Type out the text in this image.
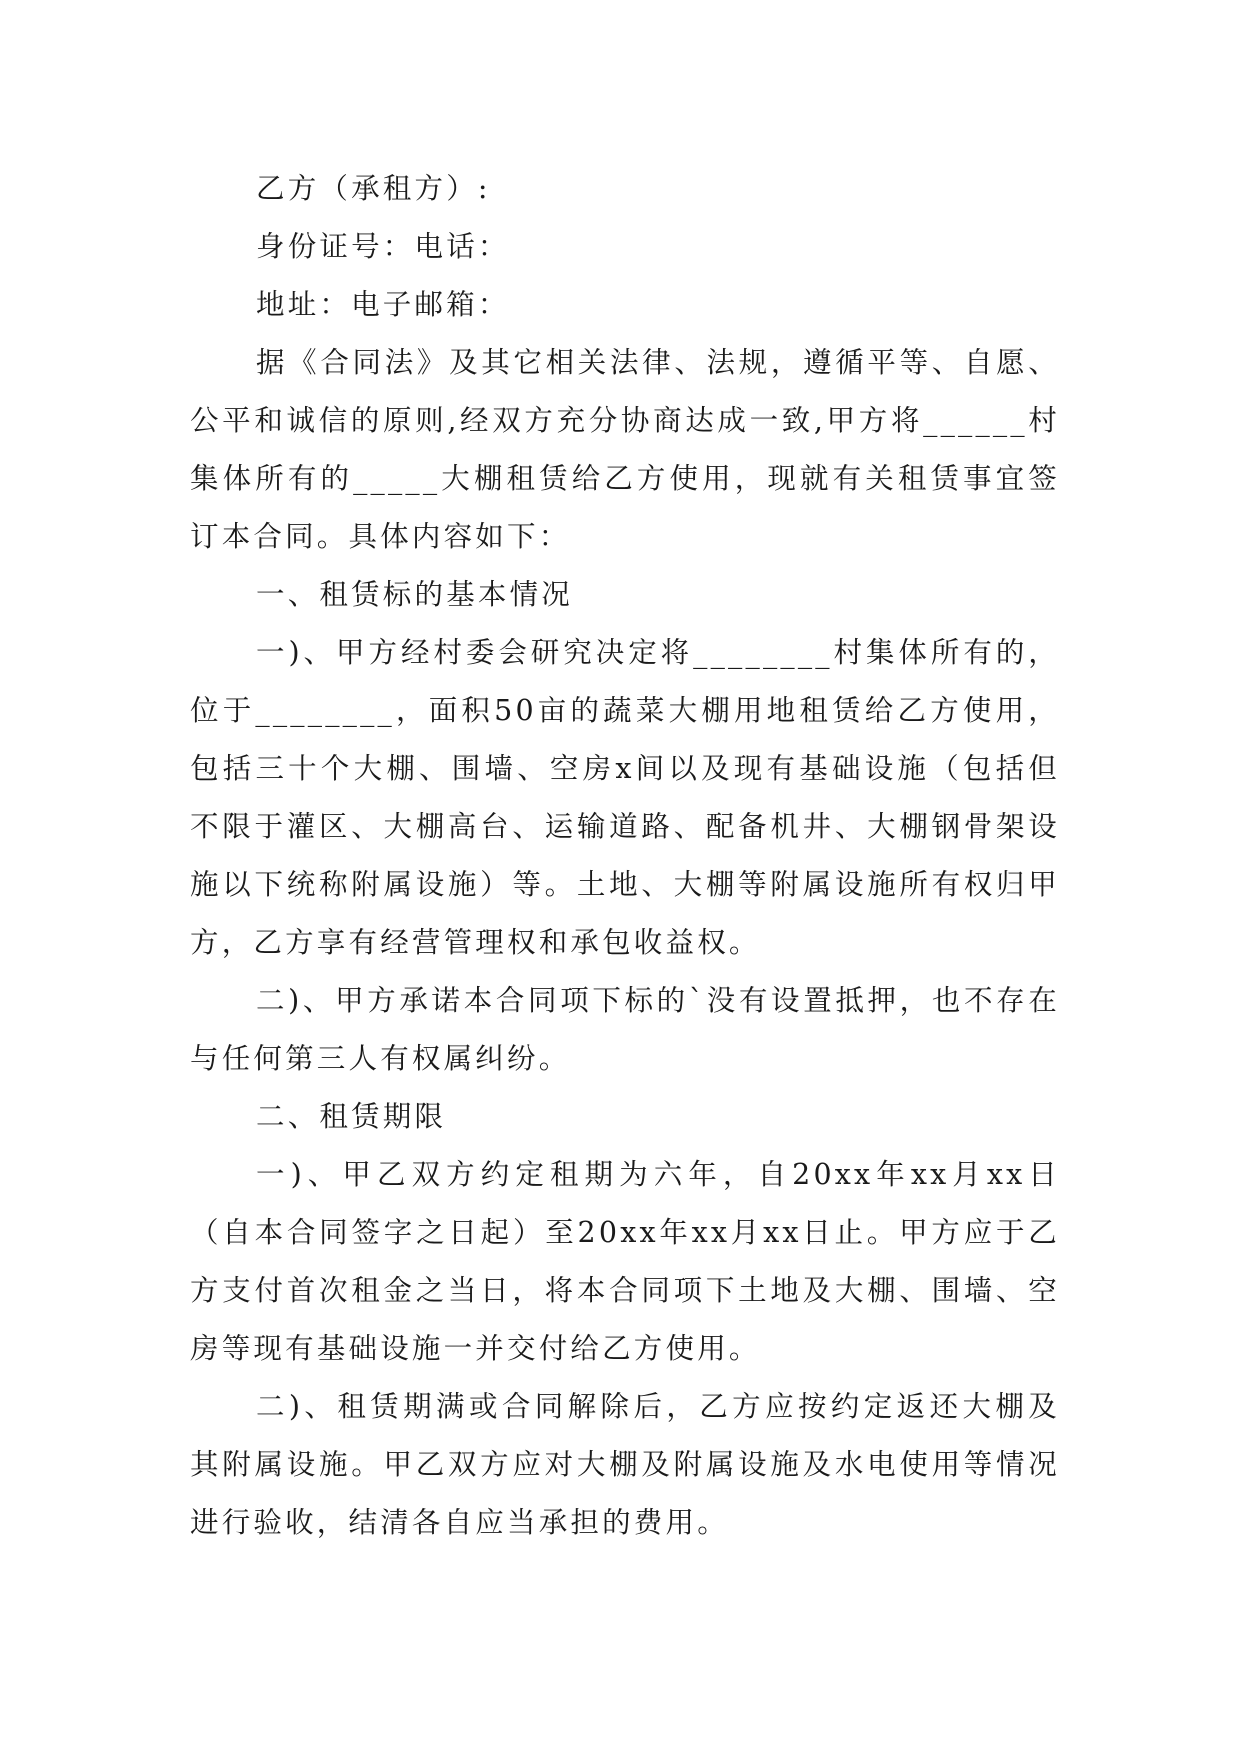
乙方（承租方）:

身份证号：电话：

地址：电子邮箱：

据《合同法》及其它相关法律、法规，遵循平等、自愿、公平和诚信的原则,经双方充分协商达成一致,甲方将______村集体所有的_____大棚租赁给乙方使用，现就有关租赁事宜签订本合同。具体内容如下：

一、租赁标的基本情况

一)、甲方经村委会研究决定将________村集体所有的，位于________，面积50亩的蔬菜大棚用地租赁给乙方使用，包括三十个大棚、围墙、空房x间以及现有基础设施（包括但不限于灌区、大棚高台、运输道路、配备机井、大棚钢骨架设施以下统称附属设施）等。土地、大棚等附属设施所有权归甲方，乙方享有经营管理权和承包收益权。

二)、甲方承诺本合同项下标的`没有设置抵押，也不存在与任何第三人有权属纠纷。

二、租赁期限

一)、甲乙双方约定租期为六年，自20xx年xx月xx日（自本合同签字之日起）至20xx年xx月xx日止。甲方应于乙方支付首次租金之当日，将本合同项下土地及大棚、围墙、空房等现有基础设施一并交付给乙方使用。

二)、租赁期满或合同解除后，乙方应按约定返还大棚及其附属设施。甲乙双方应对大棚及附属设施及水电使用等情况进行验收，结清各自应当承担的费用。
